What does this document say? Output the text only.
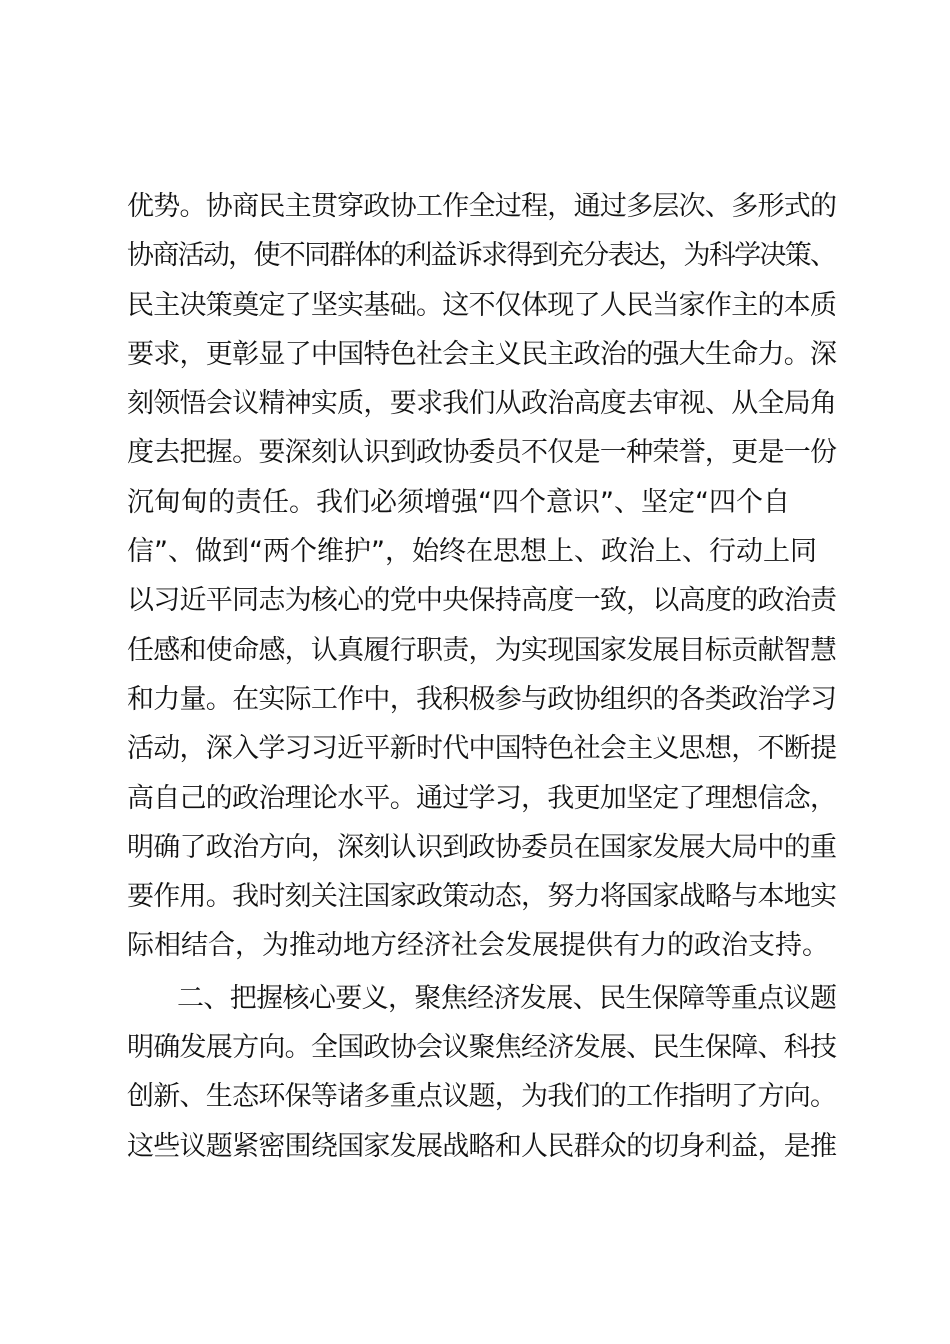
优势。协商民主贯穿政协工作全过程，通过多层次、多形式的
协商活动，使不同群体的利益诉求得到充分表达，为科学决策、
民主决策奠定了坚实基础。这不仅体现了人民当家作主的本质
要求，更彰显了中国特色社会主义民主政治的强大生命力。深
刻领悟会议精神实质，要求我们从政治高度去审视、从全局角
度去把握。要深刻认识到政协委员不仅是一种荣誉，更是一份
沉甸甸的责任。我们必须增强“四个意识”、坚定“四个自
信”、做到“两个维护”，始终在思想上、政治上、行动上同
以习近平同志为核心的党中央保持高度一致，以高度的政治责
任感和使命感，认真履行职责，为实现国家发展目标贡献智慧
和力量。在实际工作中，我积极参与政协组织的各类政治学习
活动，深入学习习近平新时代中国特色社会主义思想，不断提
高自己的政治理论水平。通过学习，我更加坚定了理想信念，
明确了政治方向，深刻认识到政协委员在国家发展大局中的重
要作用。我时刻关注国家政策动态，努力将国家战略与本地实
际相结合，为推动地方经济社会发展提供有力的政治支持。
二、把握核心要义，聚焦经济发展、民生保障等重点议题
明确发展方向。全国政协会议聚焦经济发展、民生保障、科技
创新、生态环保等诸多重点议题，为我们的工作指明了方向。
这些议题紧密围绕国家发展战略和人民群众的切身利益，是推
